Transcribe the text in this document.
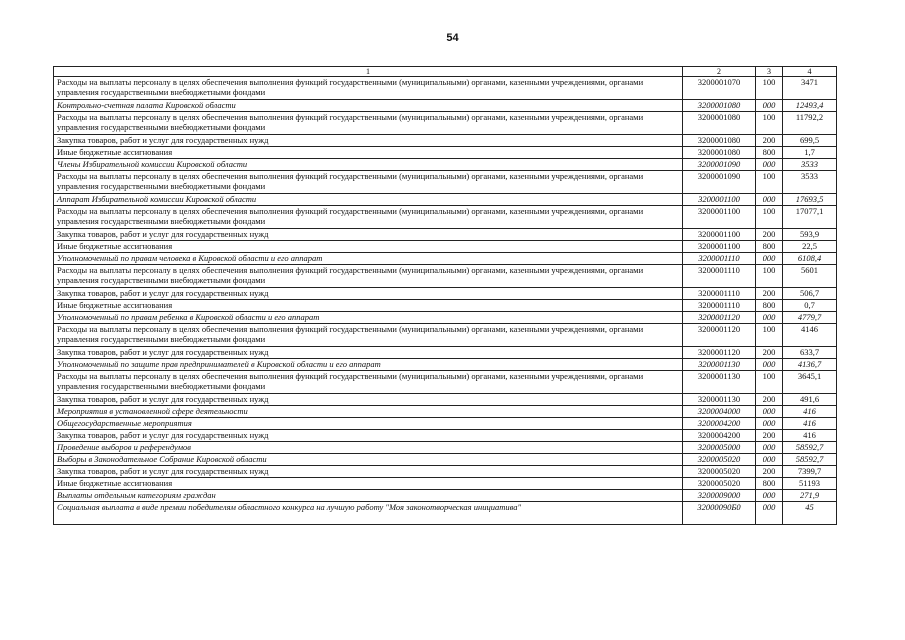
54
1	2	3	4
Расходы на выплаты персоналу в целях обеспечения выполнения функций государственными (муниципальными) органами, казенными учреждениями, органами управления государственными внебюджетными фондами	3200001070	100	3471
Контрольно-счетная палата Кировской области	3200001080	000	12493,4
Расходы на выплаты персоналу в целях обеспечения выполнения функций государственными (муниципальными) органами, казенными учреждениями, органами управления государственными внебюджетными фондами	3200001080	100	11792,2
Закупка товаров, работ и услуг для государственных нужд	3200001080	200	699,5
Иные бюджетные ассигнования	3200001080	800	1,7
Члены Избирательной комиссии Кировской области	3200001090	000	3533
Расходы на выплаты персоналу в целях обеспечения выполнения функций государственными (муниципальными) органами, казенными учреждениями, органами управления государственными внебюджетными фондами	3200001090	100	3533
Аппарат Избирательной комиссии Кировской области	3200001100	000	17693,5
Расходы на выплаты персоналу в целях обеспечения выполнения функций государственными (муниципальными) органами, казенными учреждениями, органами управления государственными внебюджетными фондами	3200001100	100	17077,1
Закупка товаров, работ и услуг для государственных нужд	3200001100	200	593,9
Иные бюджетные ассигнования	3200001100	800	22,5
Уполномоченный по правам человека в Кировской области и его аппарат	3200001110	000	6108,4
Расходы на выплаты персоналу в целях обеспечения выполнения функций государственными (муниципальными) органами, казенными учреждениями, органами управления государственными внебюджетными фондами	3200001110	100	5601
Закупка товаров, работ и услуг для государственных нужд	3200001110	200	506,7
Иные бюджетные ассигнования	3200001110	800	0,7
Уполномоченный по правам ребенка в Кировской области и его аппарат	3200001120	000	4779,7
Расходы на выплаты персоналу в целях обеспечения выполнения функций государственными (муниципальными) органами, казенными учреждениями, органами управления государственными внебюджетными фондами	3200001120	100	4146
Закупка товаров, работ и услуг для государственных нужд	3200001120	200	633,7
Уполномоченный по защите прав предпринимателей в Кировской области и его аппарат	3200001130	000	4136,7
Расходы на выплаты персоналу в целях обеспечения выполнения функций государственными (муниципальными) органами, казенными учреждениями, органами управления государственными внебюджетными фондами	3200001130	100	3645,1
Закупка товаров, работ и услуг для государственных нужд	3200001130	200	491,6
Мероприятия в установленной сфере деятельности	3200004000	000	416
Общегосударственные мероприятия	3200004200	000	416
Закупка товаров, работ и услуг для государственных нужд	3200004200	200	416
Проведение выборов и референдумов	3200005000	000	58592,7
Выборы в Законодательное Собрание Кировской области	3200005020	000	58592,7
Закупка товаров, работ и услуг для государственных нужд	3200005020	200	7399,7
Иные бюджетные ассигнования	3200005020	800	51193
Выплаты отдельным категориям граждан	3200009000	000	271,9
Социальная выплата в виде премии победителям областного конкурса на лучшую работу "Моя законотворческая инициатива"	32000090Б0	000	45
